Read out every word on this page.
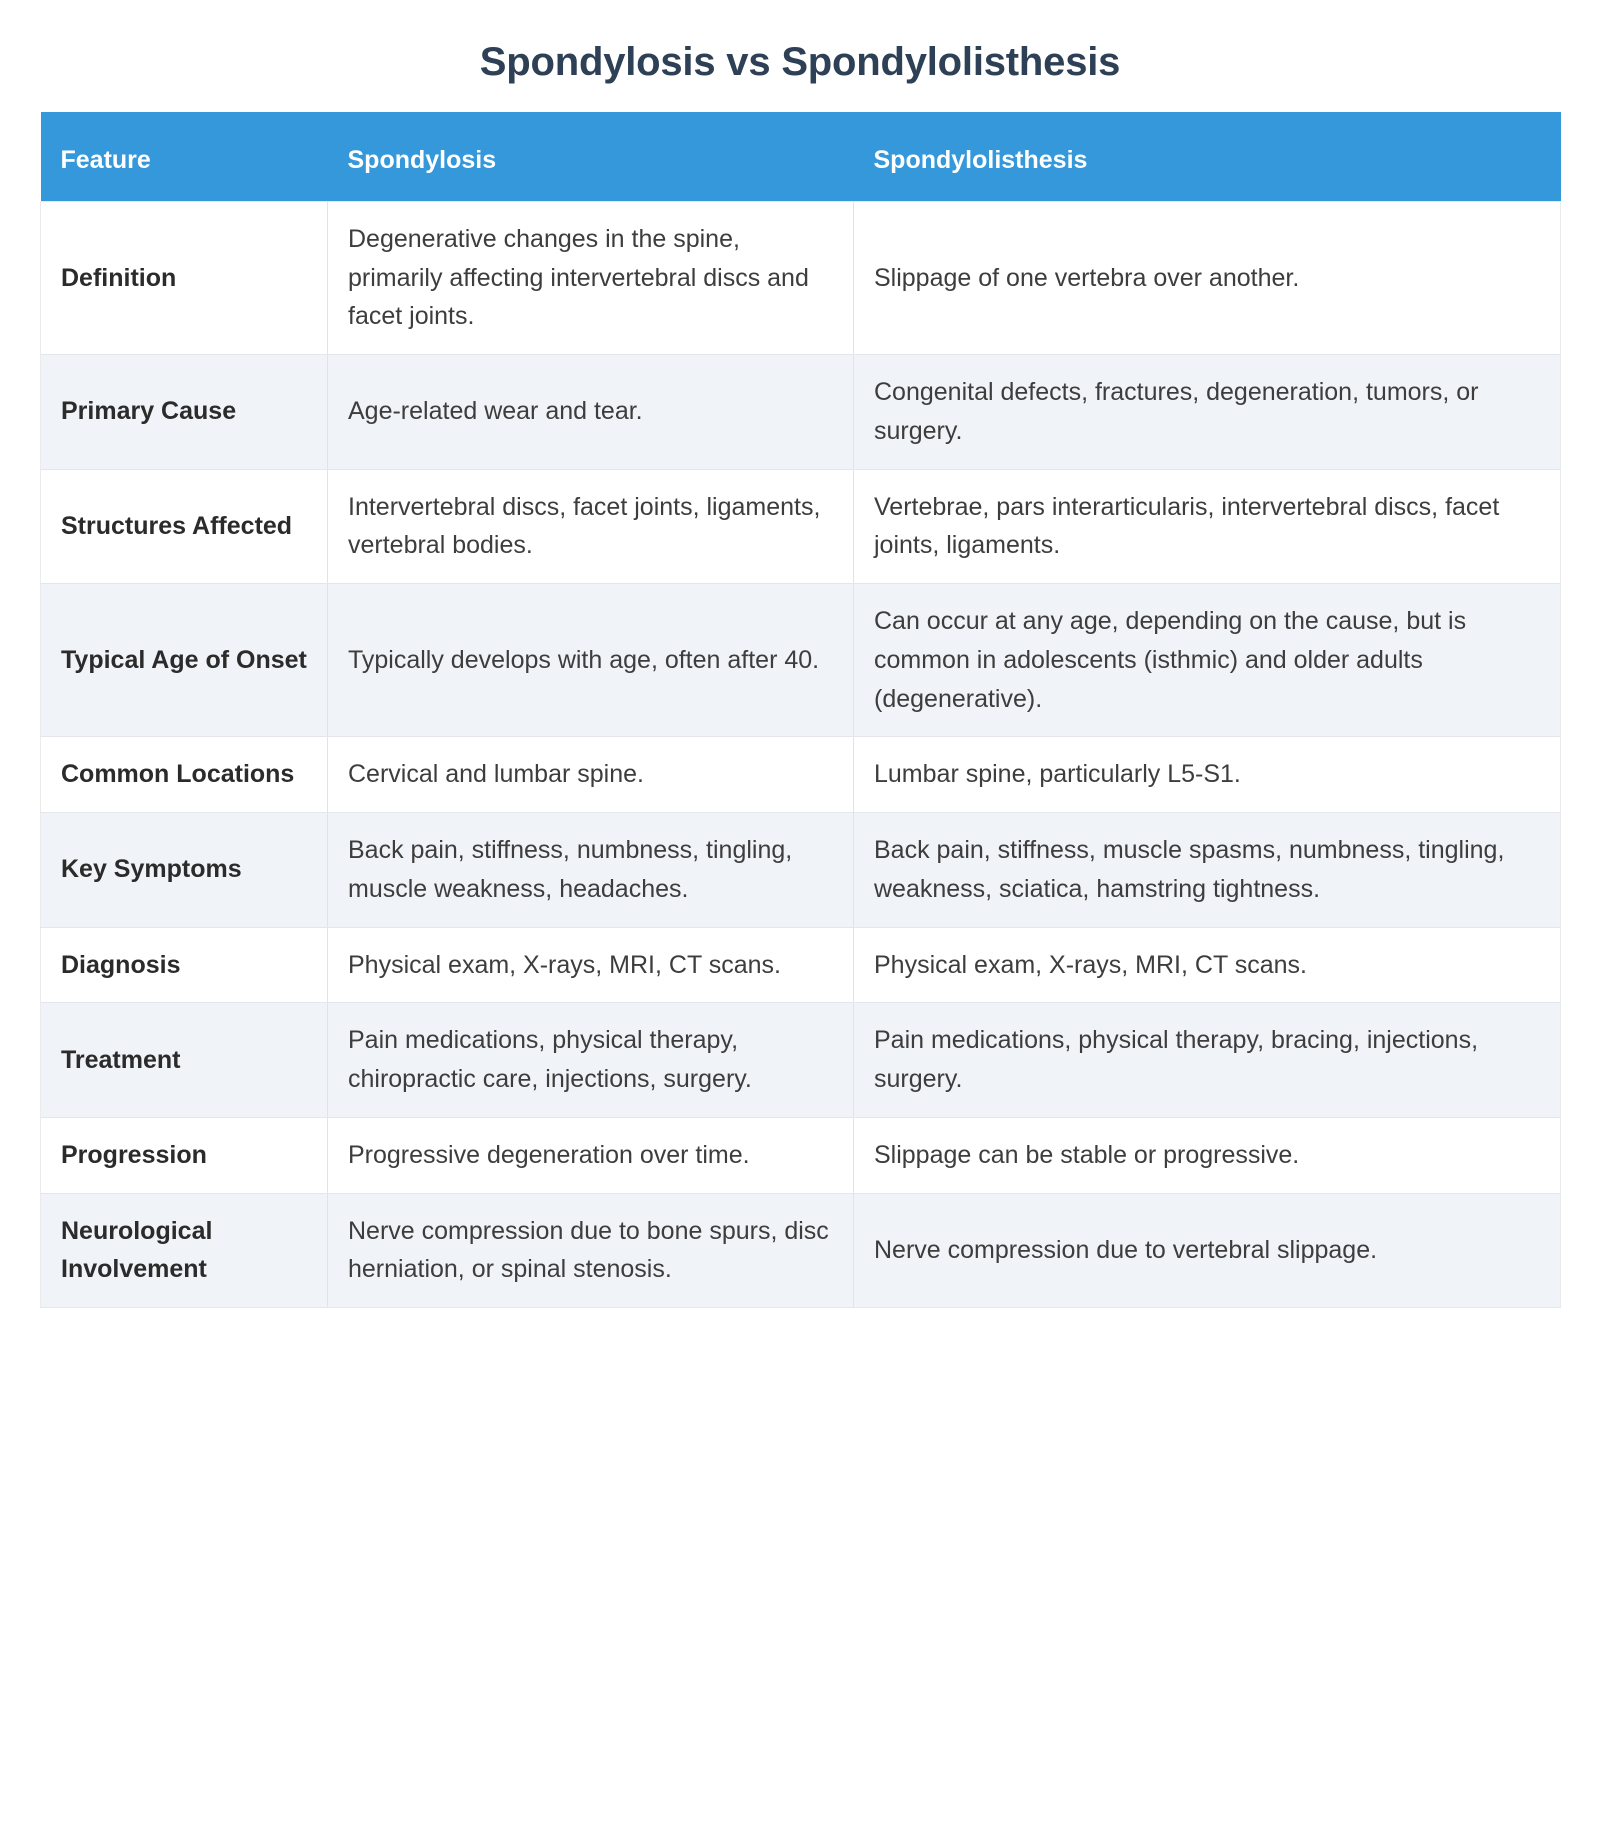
Spondylosis vs Spondylolisthesis
Feature	Spondylosis	Spondylolisthesis
Definition	Degenerative changes in the spine, primarily affecting intervertebral discs and facet joints.	Slippage of one vertebra over another.
Primary Cause	Age-related wear and tear.	Congenital defects, fractures, degeneration, tumors, or surgery.
Structures Affected	Intervertebral discs, facet joints, ligaments, vertebral bodies.	Vertebrae, pars interarticularis, intervertebral discs, facet joints, ligaments.
Typical Age of Onset	Typically develops with age, often after 40.	Can occur at any age, depending on the cause, but is common in adolescents (isthmic) and older adults (degenerative).
Common Locations	Cervical and lumbar spine.	Lumbar spine, particularly L5-S1.
Key Symptoms	Back pain, stiffness, numbness, tingling, muscle weakness, headaches.	Back pain, stiffness, muscle spasms, numbness, tingling, weakness, sciatica, hamstring tightness.
Diagnosis	Physical exam, X-rays, MRI, CT scans.	Physical exam, X-rays, MRI, CT scans.
Treatment	Pain medications, physical therapy, chiropractic care, injections, surgery.	Pain medications, physical therapy, bracing, injections, surgery.
Progression	Progressive degeneration over time.	Slippage can be stable or progressive.
Neurological Involvement	Nerve compression due to bone spurs, disc herniation, or spinal stenosis.	Nerve compression due to vertebral slippage.
